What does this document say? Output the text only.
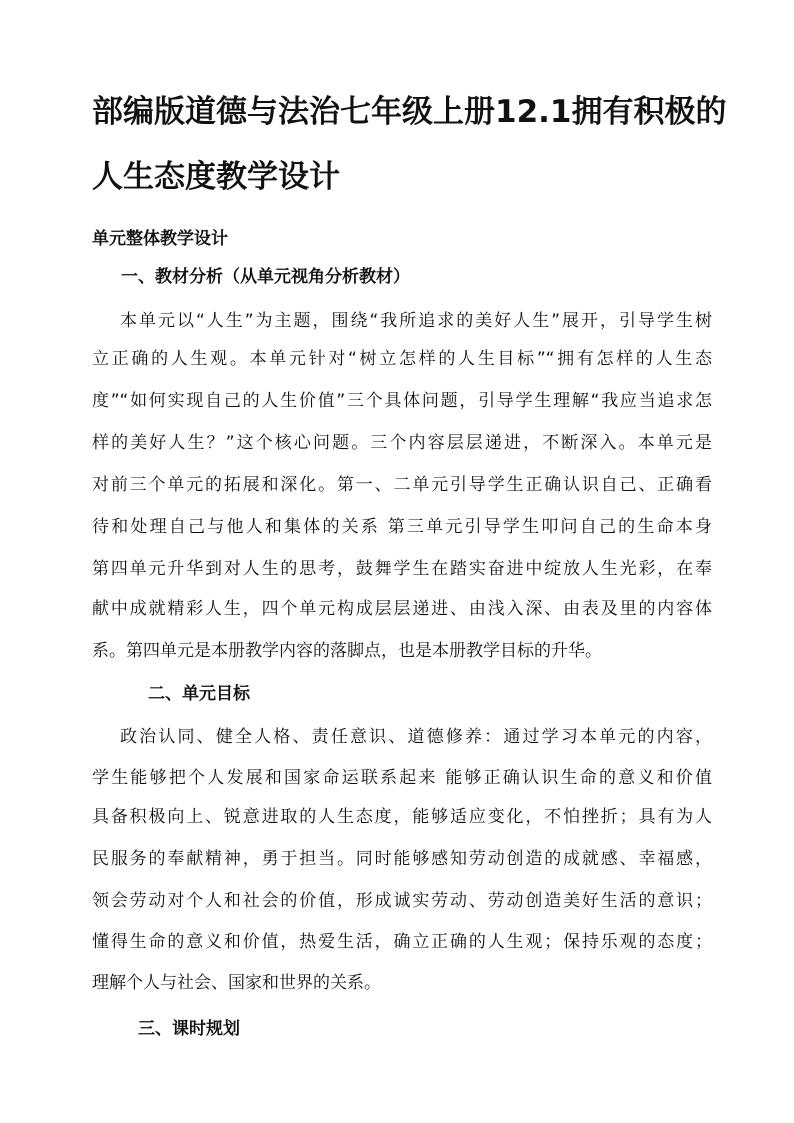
部编版道德与法治七年级上册12.1拥有积极的
人生态度教学设计
单元整体教学设计
一、教材分析（从单元视角分析教材）
本单元以“人生”为主题，围绕“我所追求的美好人生”展开，引导学生树
立正确的人生观。本单元针对“树立怎样的人生目标”“拥有怎样的人生态
度”“如何实现自己的人生价值”三个具体问题，引导学生理解“我应当追求怎
样的美好人生？”这个核心问题。三个内容层层递进，不断深入。本单元是
对前三个单元的拓展和深化。第一、二单元引导学生正确认识自己、正确看
待和处理自己与他人和集体的关系 第三单元引导学生叩问自己的生命本身
第四单元升华到对人生的思考，鼓舞学生在踏实奋进中绽放人生光彩，在奉
献中成就精彩人生，四个单元构成层层递进、由浅入深、由表及里的内容体
系。第四单元是本册教学内容的落脚点，也是本册教学目标的升华。
二、单元目标
政治认同、健全人格、责任意识、道德修养：通过学习本单元的内容，
学生能够把个人发展和国家命运联系起来 能够正确认识生命的意义和价值
具备积极向上、锐意进取的人生态度，能够适应变化，不怕挫折；具有为人
民服务的奉献精神，勇于担当。同时能够感知劳动创造的成就感、幸福感，
领会劳动对个人和社会的价值，形成诚实劳动、劳动创造美好生活的意识；
懂得生命的意义和价值，热爱生活，确立正确的人生观；保持乐观的态度；
理解个人与社会、国家和世界的关系。
三、课时规划
